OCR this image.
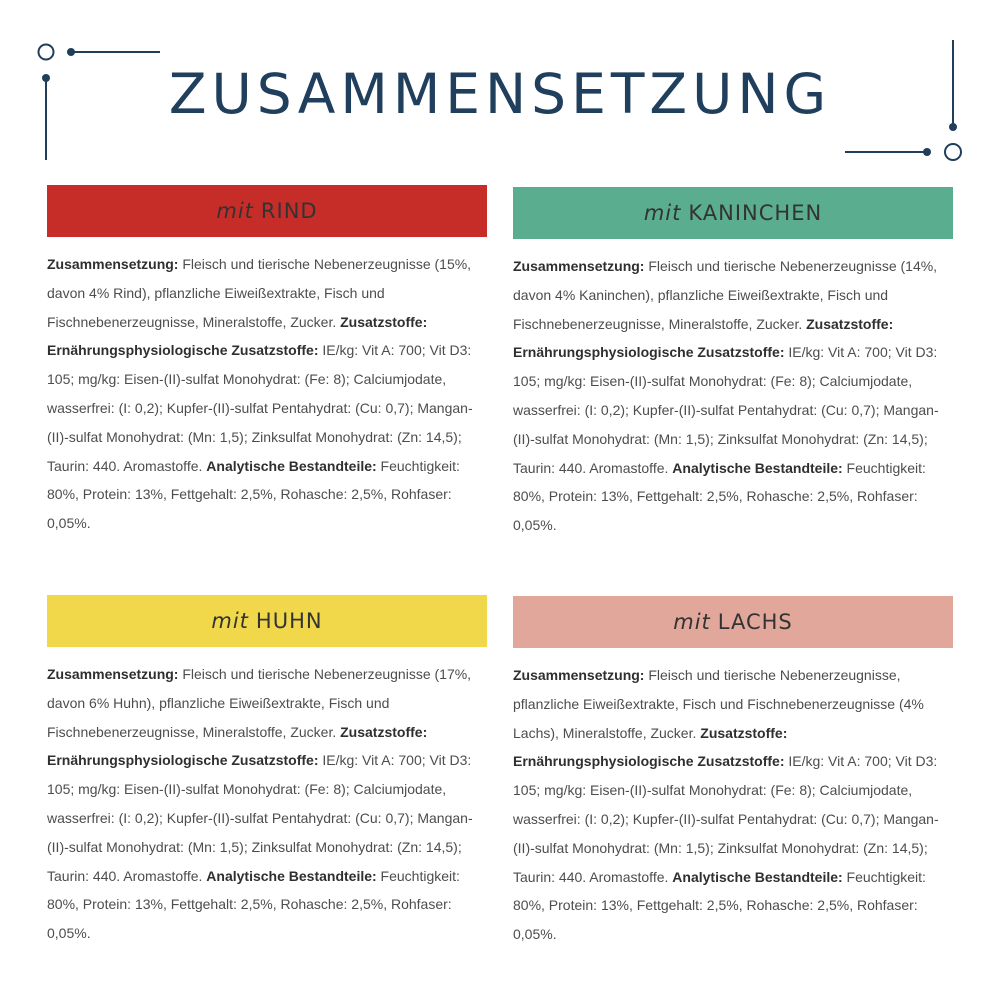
ZUSAMMENSETZUNG
mit RIND
Zusammensetzung: Fleisch und tierische Nebenerzeugnisse (15%, davon 4% Rind), pflanzliche Eiweißextrakte, Fisch und Fischnebenerzeugnisse, Mineralstoffe, Zucker. Zusatzstoffe: Ernährungsphysiologische Zusatzstoffe: IE/kg: Vit A: 700; Vit D3: 105; mg/kg: Eisen-(II)-sulfat Monohydrat: (Fe: 8); Calciumjodate, wasserfrei: (I: 0,2); Kupfer-(II)-sulfat Pentahydrat: (Cu: 0,7); Mangan-(II)-sulfat Monohydrat: (Mn: 1,5); Zinksulfat Monohydrat: (Zn: 14,5); Taurin: 440. Aromastoffe. Analytische Bestandteile: Feuchtigkeit: 80%, Protein: 13%, Fettgehalt: 2,5%, Rohasche: 2,5%, Rohfaser: 0,05%.
mit KANINCHEN
Zusammensetzung: Fleisch und tierische Nebenerzeugnisse (14%, davon 4% Kaninchen), pflanzliche Eiweißextrakte, Fisch und Fischnebenerzeugnisse, Mineralstoffe, Zucker. Zusatzstoffe: Ernährungsphysiologische Zusatzstoffe: IE/kg: Vit A: 700; Vit D3: 105; mg/kg: Eisen-(II)-sulfat Monohydrat: (Fe: 8); Calciumjodate, wasserfrei: (I: 0,2); Kupfer-(II)-sulfat Pentahydrat: (Cu: 0,7); Mangan-(II)-sulfat Monohydrat: (Mn: 1,5); Zinksulfat Monohydrat: (Zn: 14,5); Taurin: 440. Aromastoffe. Analytische Bestandteile: Feuchtigkeit: 80%, Protein: 13%, Fettgehalt: 2,5%, Rohasche: 2,5%, Rohfaser: 0,05%.
mit HUHN
Zusammensetzung: Fleisch und tierische Nebenerzeugnisse (17%, davon 6% Huhn), pflanzliche Eiweißextrakte, Fisch und Fischnebenerzeugnisse, Mineralstoffe, Zucker. Zusatzstoffe: Ernährungsphysiologische Zusatzstoffe: IE/kg: Vit A: 700; Vit D3: 105; mg/kg: Eisen-(II)-sulfat Monohydrat: (Fe: 8); Calciumjodate, wasserfrei: (I: 0,2); Kupfer-(II)-sulfat Pentahydrat: (Cu: 0,7); Mangan-(II)-sulfat Monohydrat: (Mn: 1,5); Zinksulfat Monohydrat: (Zn: 14,5); Taurin: 440. Aromastoffe. Analytische Bestandteile: Feuchtigkeit: 80%, Protein: 13%, Fettgehalt: 2,5%, Rohasche: 2,5%, Rohfaser: 0,05%.
mit LACHS
Zusammensetzung: Fleisch und tierische Nebenerzeugnisse, pflanzliche Eiweißextrakte, Fisch und Fischnebenerzeugnisse (4% Lachs), Mineralstoffe, Zucker. Zusatzstoffe: Ernährungsphysiologische Zusatzstoffe: IE/kg: Vit A: 700; Vit D3: 105; mg/kg: Eisen-(II)-sulfat Monohydrat: (Fe: 8); Calciumjodate, wasserfrei: (I: 0,2); Kupfer-(II)-sulfat Pentahydrat: (Cu: 0,7); Mangan-(II)-sulfat Monohydrat: (Mn: 1,5); Zinksulfat Monohydrat: (Zn: 14,5); Taurin: 440. Aromastoffe. Analytische Bestandteile: Feuchtigkeit: 80%, Protein: 13%, Fettgehalt: 2,5%, Rohasche: 2,5%, Rohfaser: 0,05%.
